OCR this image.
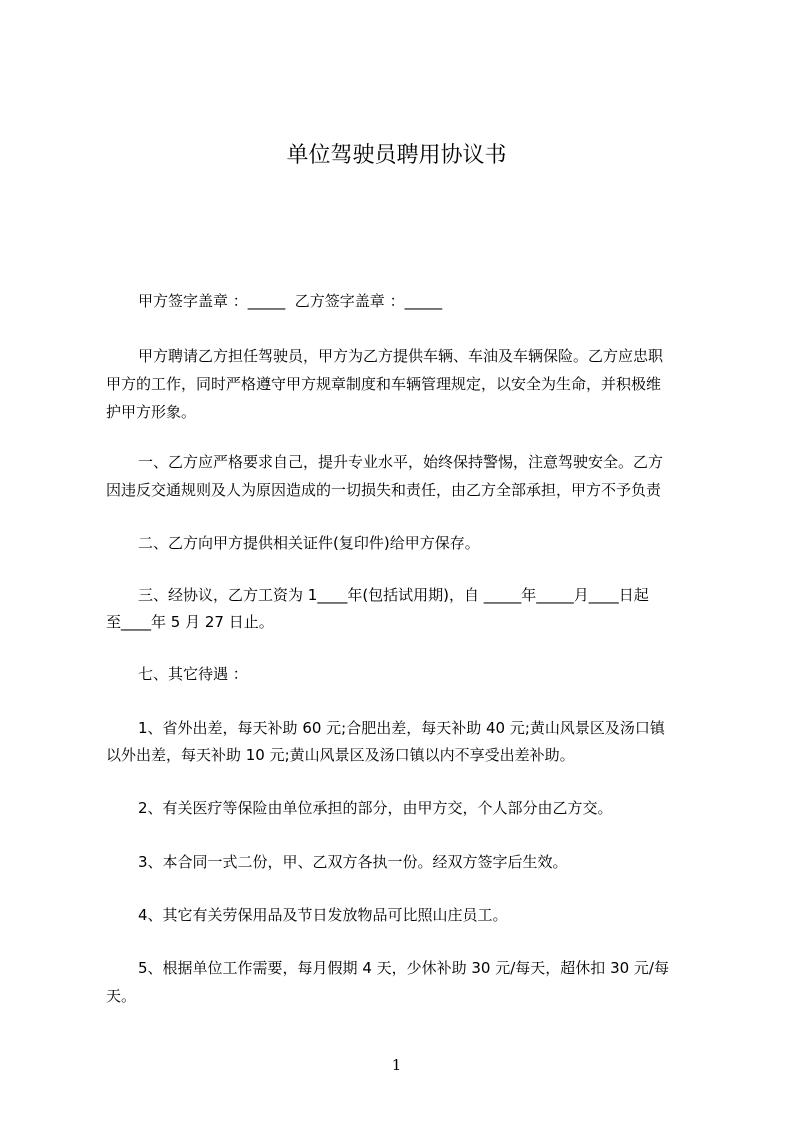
单位驾驶员聘用协议书
甲方签字盖章 ：_____  乙方签字盖章 ：_____
甲方聘请乙方担任驾驶员，甲方为乙方提供车辆、车油及车辆保险。乙方应忠职
甲方的工作，同时严格遵守甲方规章制度和车辆管理规定，以安全为生命，并积极维
护甲方形象。
一、乙方应严格要求自己，提升专业水平，始终保持警惕，注意驾驶安全。乙方
因违反交通规则及人为原因造成的一切损失和责任，由乙方全部承担，甲方不予负责
二、乙方向甲方提供相关证件(复印件)给甲方保存。
三、经协议，乙方工资为 1____年(包括试用期)，自 _____年_____月____日起
至____年 5 月 27 日止。
七、其它待遇 ：
1、省外出差，每天补助 60 元;合肥出差，每天补助 40 元;黄山风景区及汤口镇
以外出差，每天补助 10 元;黄山风景区及汤口镇以内不享受出差补助。
2、有关医疗等保险由单位承担的部分，由甲方交，个人部分由乙方交。
3、本合同一式二份，甲、乙双方各执一份。经双方签字后生效。
4、其它有关劳保用品及节日发放物品可比照山庄员工。
5、根据单位工作需要，每月假期 4 天，少休补助 30 元/每天，超休扣 30 元/每
天。
1
